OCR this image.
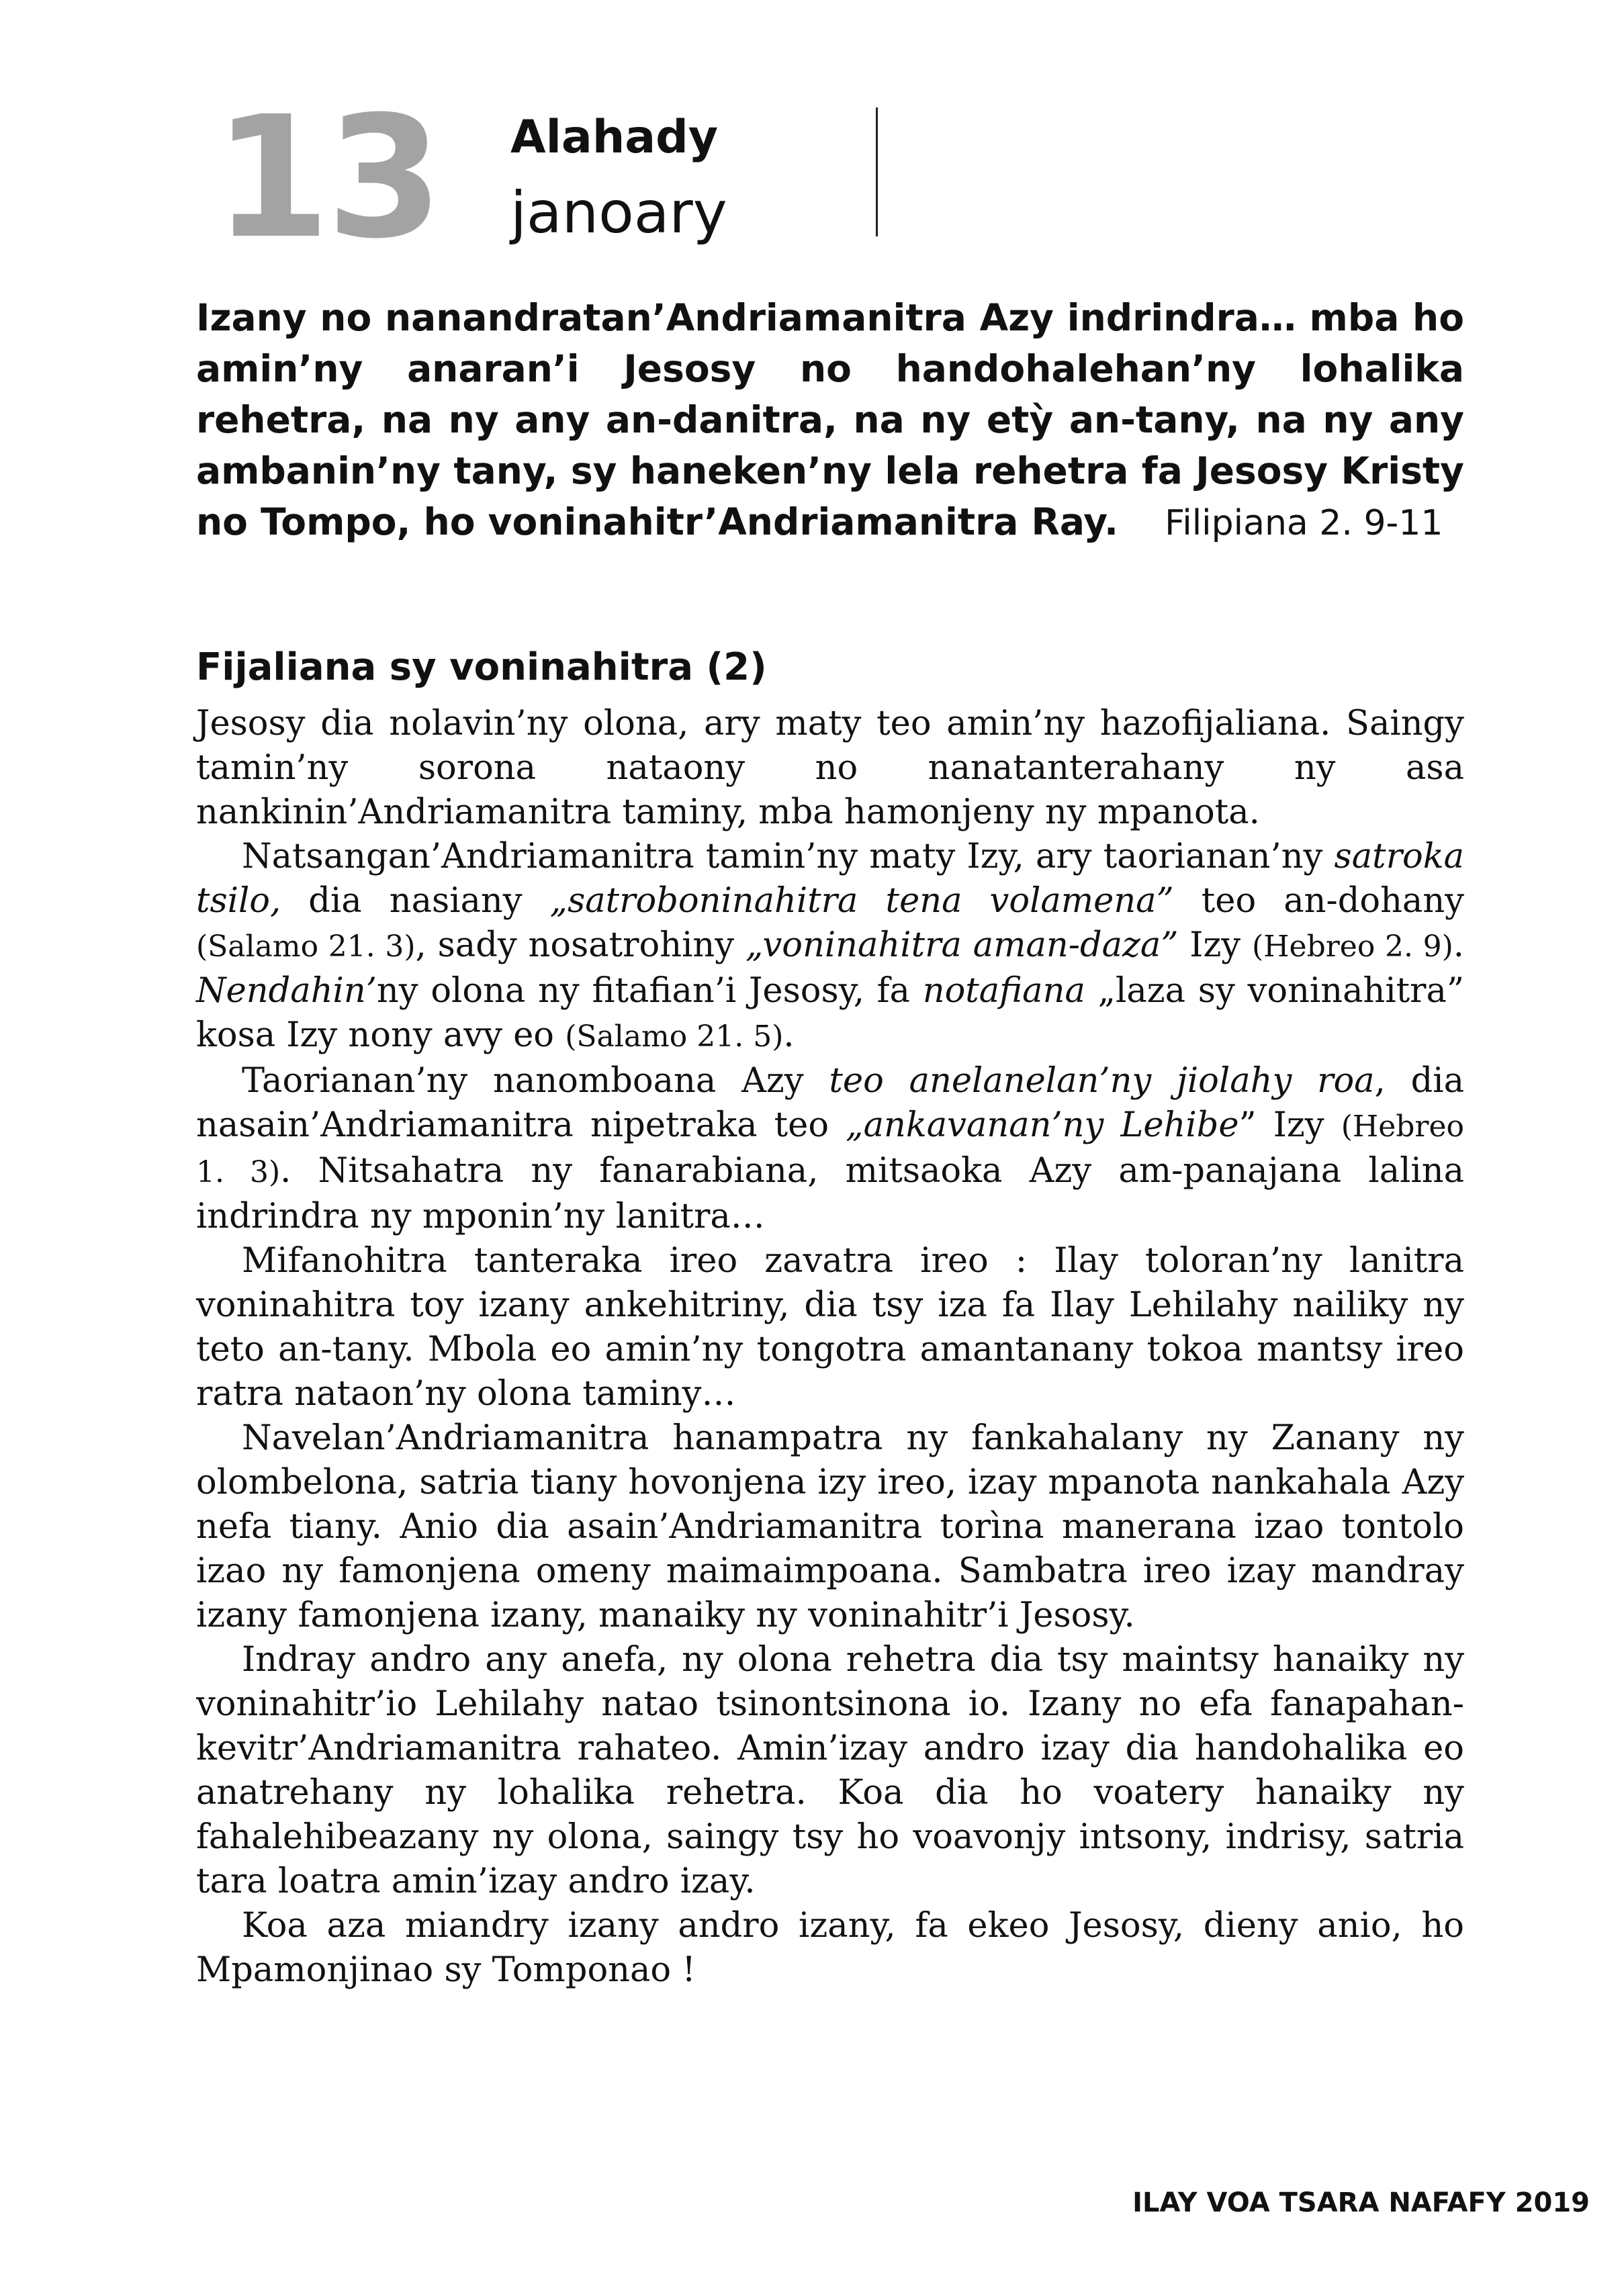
13 Alahady
janoary
Izany no nanandratan’Andriamanitra Azy indrindra… mba ho amin’ny anaran’i Jesosy no handohalehan’ny lohalika rehetra, na ny any an-danitra, na ny etỳ an-tany, na ny any ambanin’ny tany, sy haneken’ny lela rehetra fa Jesosy Kristy no Tompo, ho voninahitr’Andriamanitra Ray. Filipiana 2. 9-11
Fijaliana sy voninahitra (2)

Jesosy dia nolavin’ny olona, ary maty teo amin’ny hazofijaliana. Saingy tamin’ny sorona nataony no nanatanterahany ny asa nankinin’Andriamanitra taminy, mba hamonjeny ny mpanota.

Natsangan’Andriamanitra tamin’ny maty Izy, ary taorianan’ny satroka tsilo, dia nasiany „satroboninahitra tena volamena” teo an-dohany (Salamo 21. 3), sady nosatrohiny „voninahitra aman-daza” Izy (Hebreo 2. 9). Nendahin’ny olona ny fitafian’i Jesosy, fa notafiana „laza sy voninahitra” kosa Izy nony avy eo (Salamo 21. 5).

Taorianan’ny nanomboana Azy teo anelanelan’ny jiolahy roa, dia nasain’Andriamanitra nipetraka teo „ankavanan’ny Lehibe” Izy (Hebreo 1. 3). Nitsahatra ny fanarabiana, mitsaoka Azy am-panajana lalina indrindra ny mponin’ny lanitra…

Mifanohitra tanteraka ireo zavatra ireo : Ilay toloran’ny lanitra voninahitra toy izany ankehitriny, dia tsy iza fa Ilay Lehilahy nailiky ny teto an-tany. Mbola eo amin’ny tongotra amantanany tokoa mantsy ireo ratra nataon’ny olona taminy…

Navelan’Andriamanitra hanampatra ny fankahalany ny Zanany ny olombelona, satria tiany hovonjena izy ireo, izay mpanota nankahala Azy nefa tiany. Anio dia asain’Andriamanitra torìna manerana izao tontolo izao ny famonjena omeny maimaimpoana. Sambatra ireo izay mandray izany famonjena izany, manaiky ny voninahitr’i Jesosy.

Indray andro any anefa, ny olona rehetra dia tsy maintsy hanaiky ny voninahitr’io Lehilahy natao tsinontsinona io. Izany no efa fanapahan-kevitr’Andriamanitra rahateo. Amin’izay andro izay dia handohalika eo anatrehany ny lohalika rehetra. Koa dia ho voatery hanaiky ny fahalehibeazany ny olona, saingy tsy ho voavonjy intsony, indrisy, satria tara loatra amin’izay andro izay.

Koa aza miandry izany andro izany, fa ekeo Jesosy, dieny anio, ho Mpamonjinao sy Tomponao !

ILAY VOA TSARA NAFAFY 2019
